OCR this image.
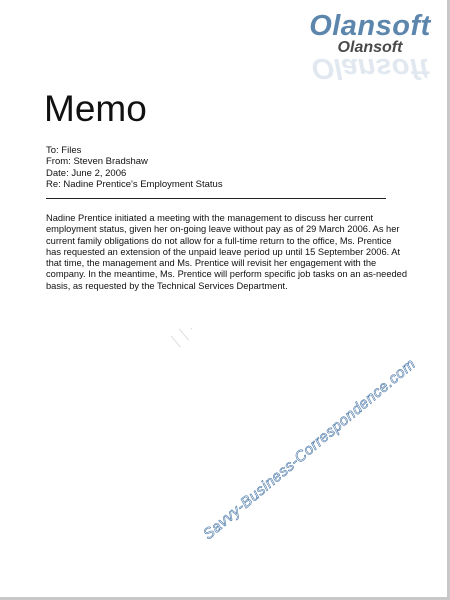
Olansoft
Olansoft
Olansoft
Memo
To: Files
From: Steven Bradshaw
Date: June 2, 2006
Re: Nadine Prentice's Employment Status
Nadine Prentice initiated a meeting with the management to discuss her current employment status, given her on-going leave without pay as of 29 March 2006. As her current family obligations do not allow for a full-time return to the office, Ms. Prentice has requested an extension of the unpaid leave period up until 15 September 2006. At that time, the management and Ms. Prentice will revisit her engagement with the company. In the meantime, Ms. Prentice will perform specific job tasks on an as-needed basis, as requested by the Technical Services Department.
│ │ ·
Savvy-Business-Correspondence.com
